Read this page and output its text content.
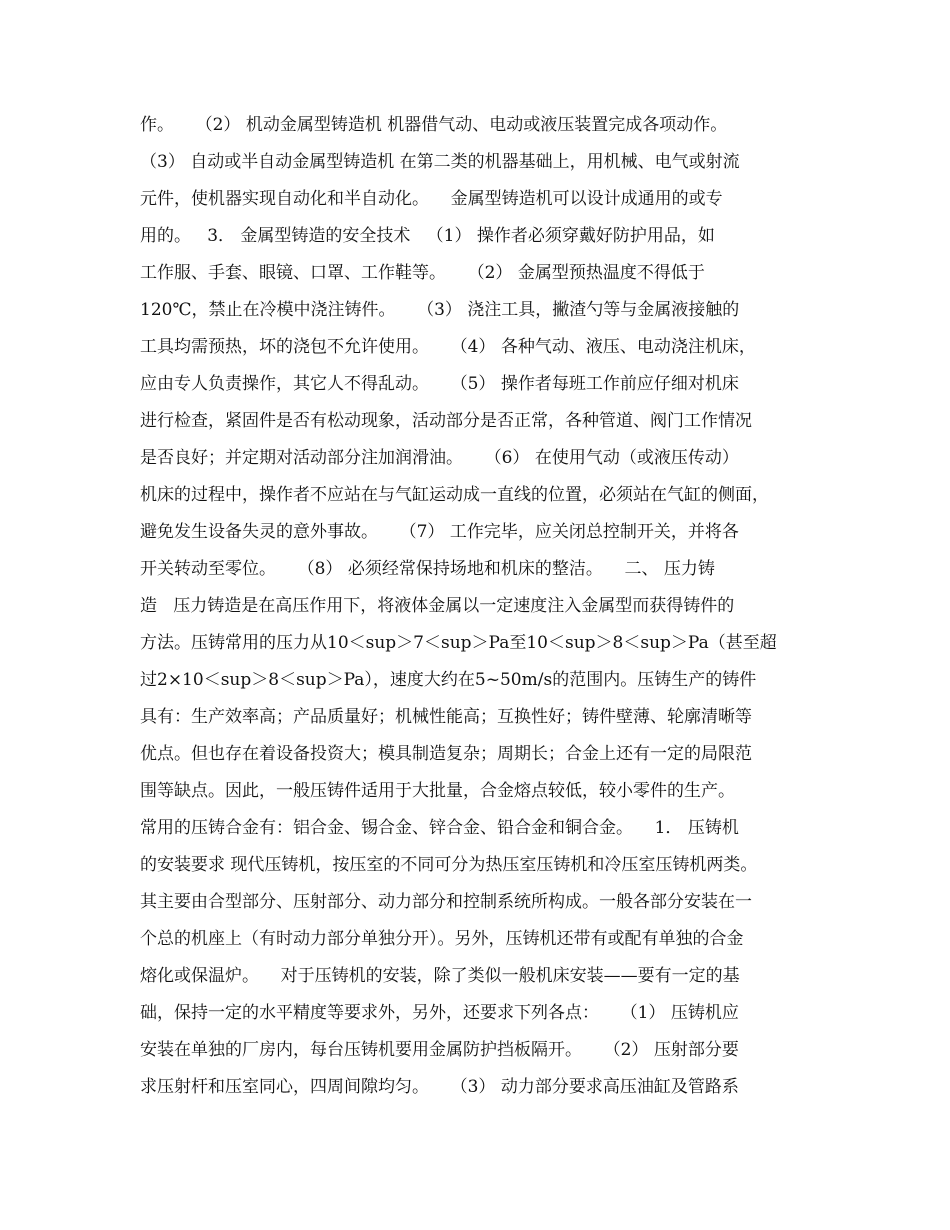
作。    （2） 机动金属型铸造机 机器借气动、电动或液压装置完成各项动作。
（3） 自动或半自动金属型铸造机 在第二类的机器基础上，用机械、电气或射流
元件，使机器实现自动化和半自动化。    金属型铸造机可以设计成通用的或专
用的。   3． 金属型铸造的安全技术   （1） 操作者必须穿戴好防护用品，如
工作服、手套、眼镜、口罩、工作鞋等。    （2） 金属型预热温度不得低于
120℃，禁止在冷模中浇注铸件。    （3） 浇注工具，撇渣勺等与金属液接触的
工具均需预热，坏的浇包不允许使用。    （4） 各种气动、液压、电动浇注机床，
应由专人负责操作，其它人不得乱动。    （5） 操作者每班工作前应仔细对机床
进行检查，紧固件是否有松动现象，活动部分是否正常，各种管道、阀门工作情况
是否良好；并定期对活动部分注加润滑油。    （6） 在使用气动（或液压传动）
机床的过程中，操作者不应站在与气缸运动成一直线的位置，必须站在气缸的侧面，
避免发生设备失灵的意外事故。    （7） 工作完毕，应关闭总控制开关，并将各
开关转动至零位。    （8） 必须经常保持场地和机床的整洁。    二、 压力铸
造   压力铸造是在高压作用下，将液体金属以一定速度注入金属型而获得铸件的
方法。压铸常用的压力从10＜sup＞7＜sup＞Pa至10＜sup＞8＜sup＞Pa（甚至超
过2×10＜sup＞8＜sup＞Pa），速度大约在5~50m/s的范围内。压铸生产的铸件
具有：生产效率高；产品质量好；机械性能高；互换性好；铸件壁薄、轮廓清晰等
优点。但也存在着设备投资大；模具制造复杂；周期长；合金上还有一定的局限范
围等缺点。因此，一般压铸件适用于大批量，合金熔点较低，较小零件的生产。
常用的压铸合金有：铝合金、锡合金、锌合金、铅合金和铜合金。    1． 压铸机
的安装要求 现代压铸机，按压室的不同可分为热压室压铸机和冷压室压铸机两类。
其主要由合型部分、压射部分、动力部分和控制系统所构成。一般各部分安装在一
个总的机座上（有时动力部分单独分开）。另外，压铸机还带有或配有单独的合金
熔化或保温炉。    对于压铸机的安装，除了类似一般机床安装——要有一定的基
础，保持一定的水平精度等要求外，另外，还要求下列各点：    （1） 压铸机应
安装在单独的厂房内，每台压铸机要用金属防护挡板隔开。    （2） 压射部分要
求压射杆和压室同心，四周间隙均匀。    （3） 动力部分要求高压油缸及管路系
